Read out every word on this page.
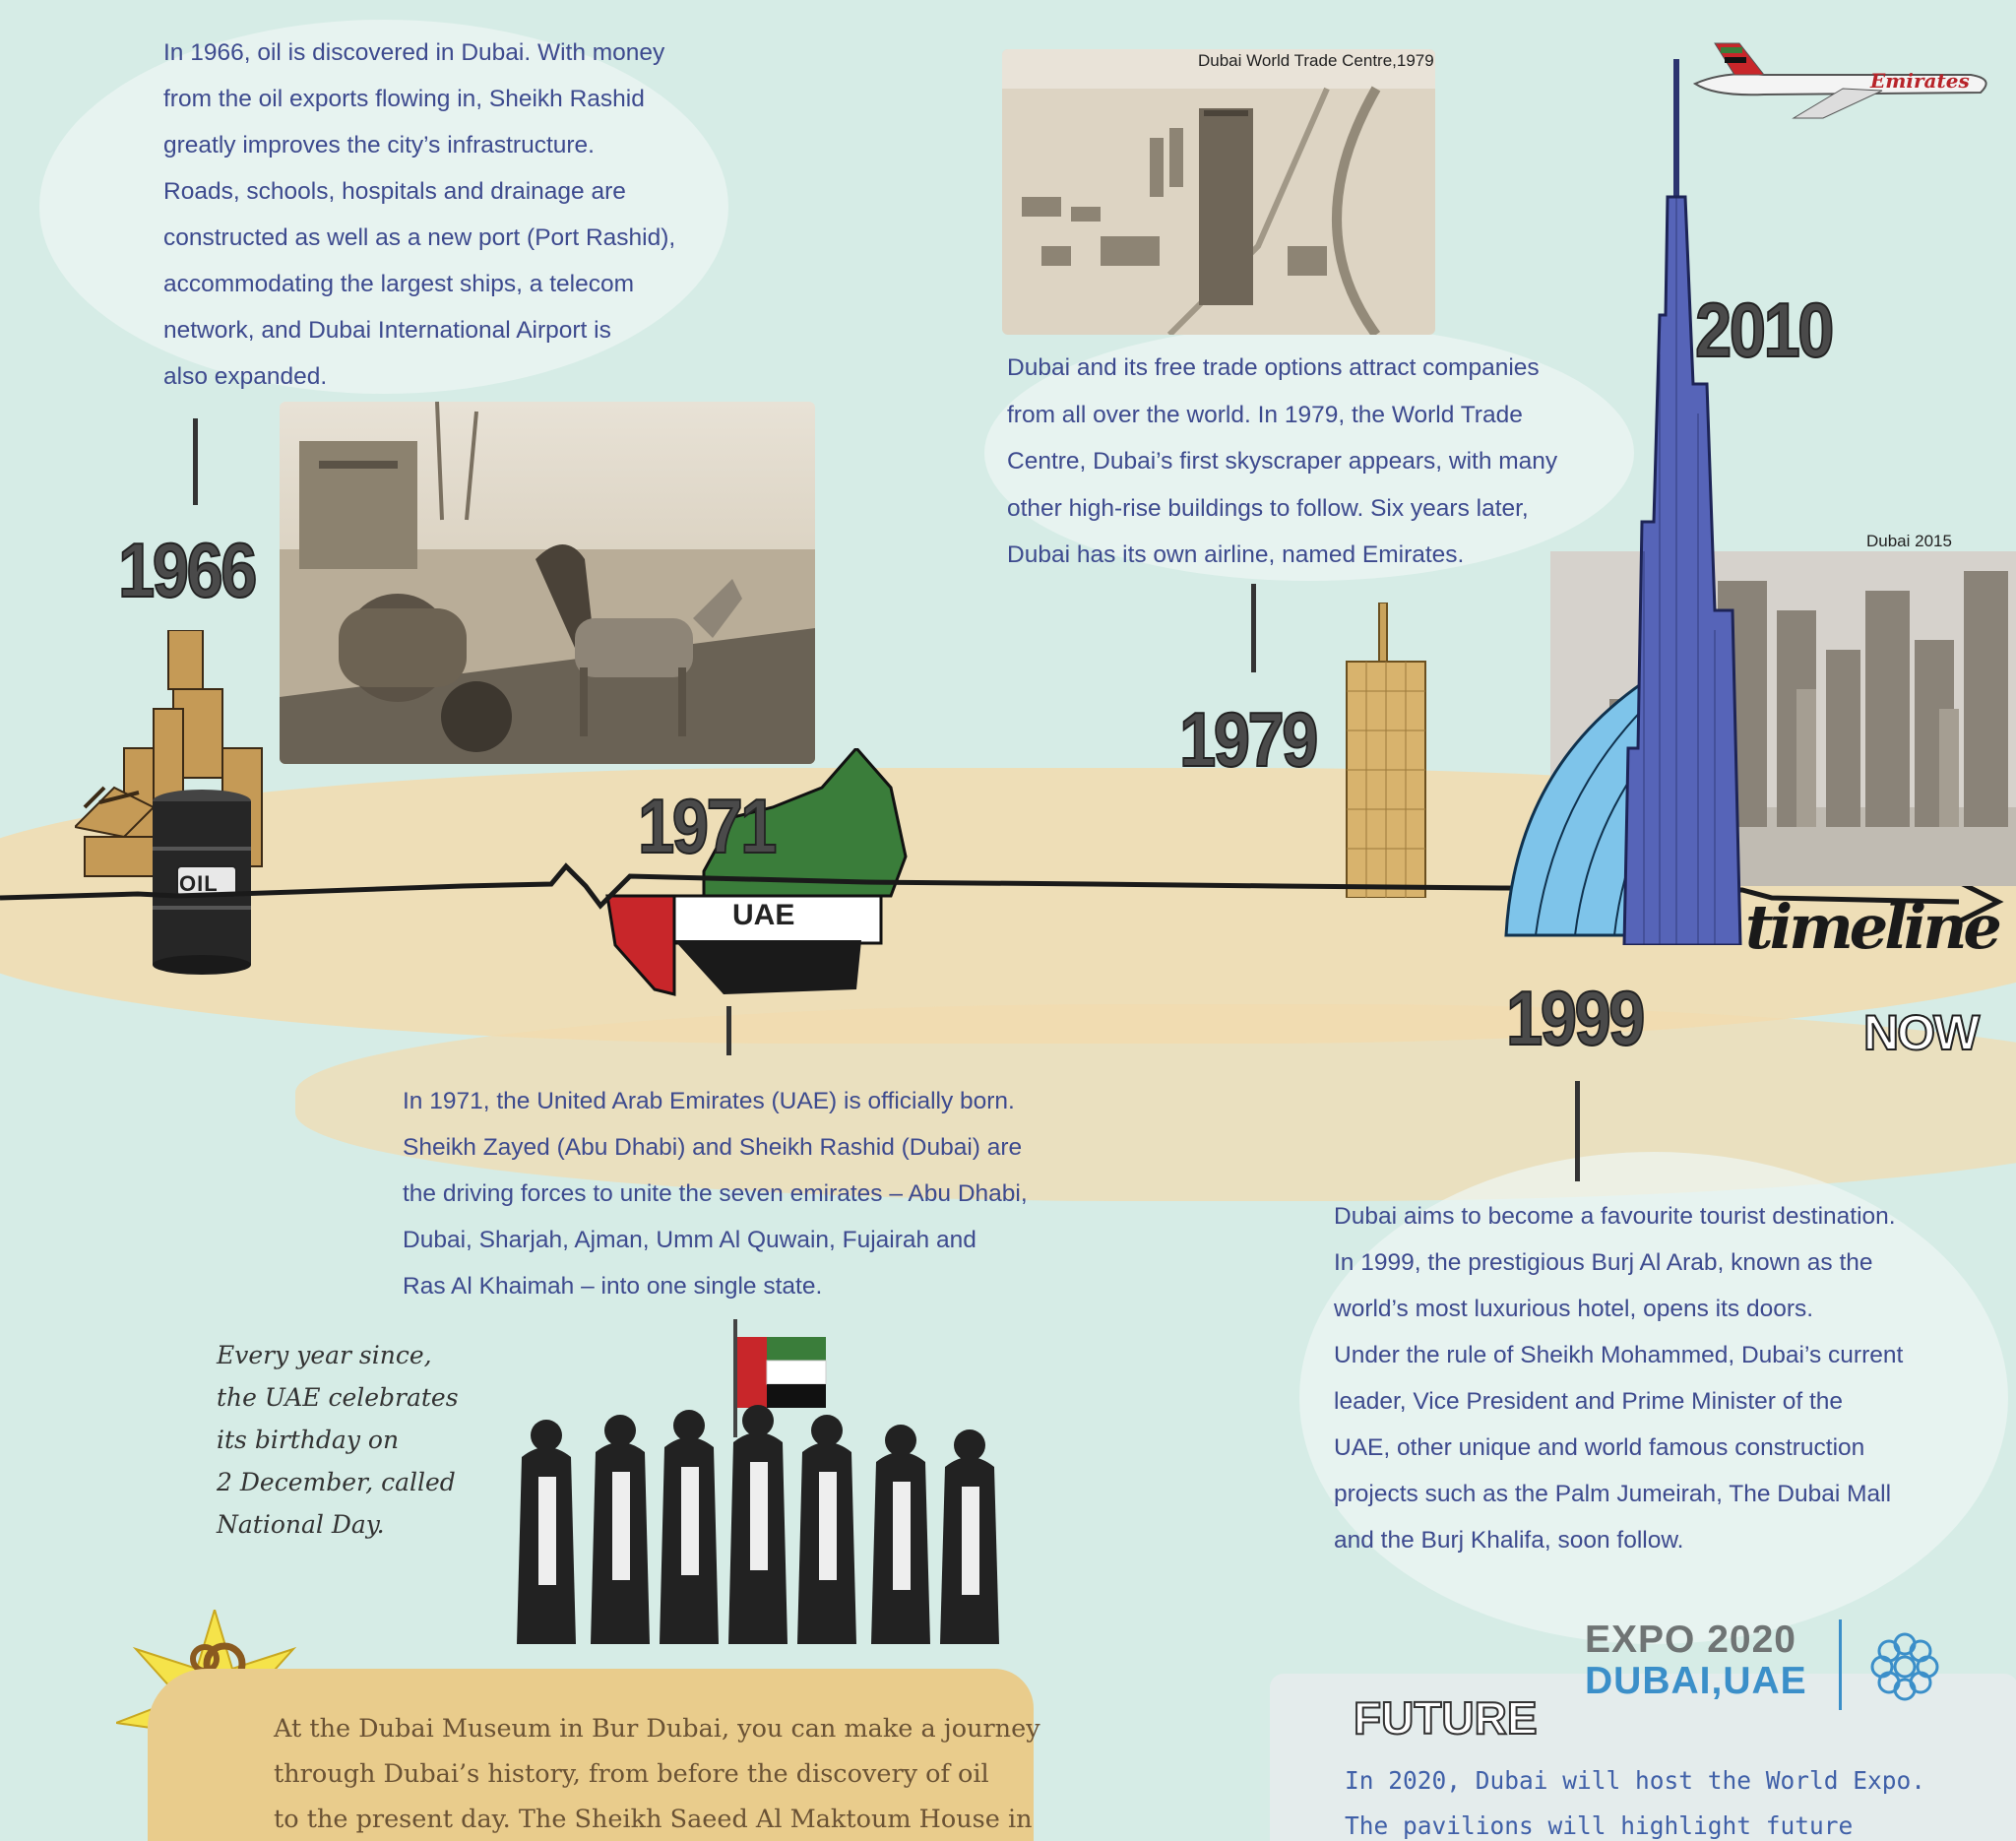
In 1966, oil is discovered in Dubai. With money
from the oil exports flowing in, Sheikh Rashid
greatly improves the city’s infrastructure.
Roads, schools, hospitals and drainage are
constructed as well as a new port (Port Rashid),
accommodating the largest ships, a telecom
network, and Dubai International Airport is
also expanded.	Dubai and its free trade options attract companies
from all over the world. In 1979, the World Trade
Centre, Dubai’s first skyscraper appears, with many
other high-rise buildings to follow. Six years later,
Dubai has its own airline, named Emirates.
In 1971, the United Arab Emirates (UAE) is officially born.
Sheikh Zayed (Abu Dhabi) and Sheikh Rashid (Dubai) are
the driving forces to unite the seven emirates – Abu Dhabi,
Dubai, Sharjah, Ajman, Umm Al Quwain, Fujairah and
Ras Al Khaimah – into one single state.
Dubai aims to become a favourite tourist destination.
In 1999, the prestigious Burj Al Arab, known as the
world’s most luxurious hotel, opens its doors.
Under the rule of Sheikh Mohammed, Dubai’s current
leader, Vice President and Prime Minister of the
UAE, other unique and world famous construction
projects such as the Palm Jumeirah, The Dubai Mall
and the Burj Khalifa, soon follow.
OIL
1966
Dubai World Trade Centre,1979
1979
UAE
1971
Dubai 2015
Emirates
2010
1999
timeline
NOW
Every year since,
the UAE celebrates
its birthday on
2 December, called
National Day.
At the Dubai Museum in Bur Dubai, you can make a journey
through Dubai’s history, from before the discovery of oil
to the present day. The Sheikh Saeed Al Maktoum House in
EXPO 2020
DUBAI,UAE
FUTURE
In 2020, Dubai will host the World Expo.
The pavilions will highlight future
